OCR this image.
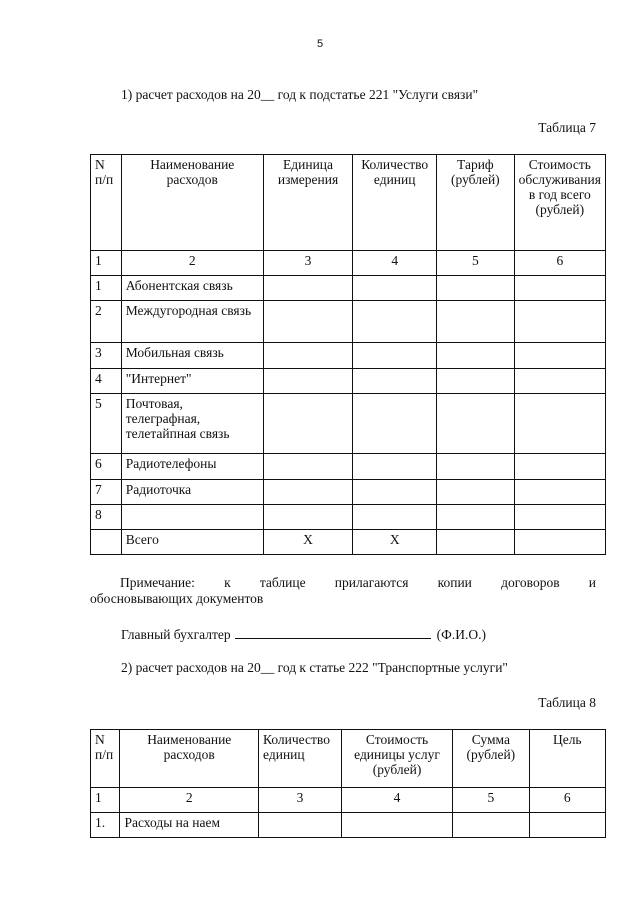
5
1) расчет расходов на 20__ год к подстатье 221 "Услуги связи"
Таблица 7
N п/п	Наименование расходов	Единица измерения	Количество единиц	Тариф (рублей)	Стоимость обслуживания в год всего (рублей)
1	2	3	4	5	6
1	Абонентская связь				
2	Междугородная связь				
3	Мобильная связь				
4	"Интернет"				
5	Почтовая, телеграфная, телетайпная связь				
6	Радиотелефоны				
7	Радиоточка				
8					
	Всего	X	X		
Примечание: к таблице прилагаются копии договоров и
обосновывающих документов
Главный бухгалтер	(Ф.И.О.)
2) расчет расходов на 20__ год к статье 222 "Транспортные услуги"
Таблица 8
N п/п	Наименование расходов	Количество единиц	Стоимость единицы услуг (рублей)	Сумма (рублей)	Цель
1	2	3	4	5	6
1.	Расходы на наем				
